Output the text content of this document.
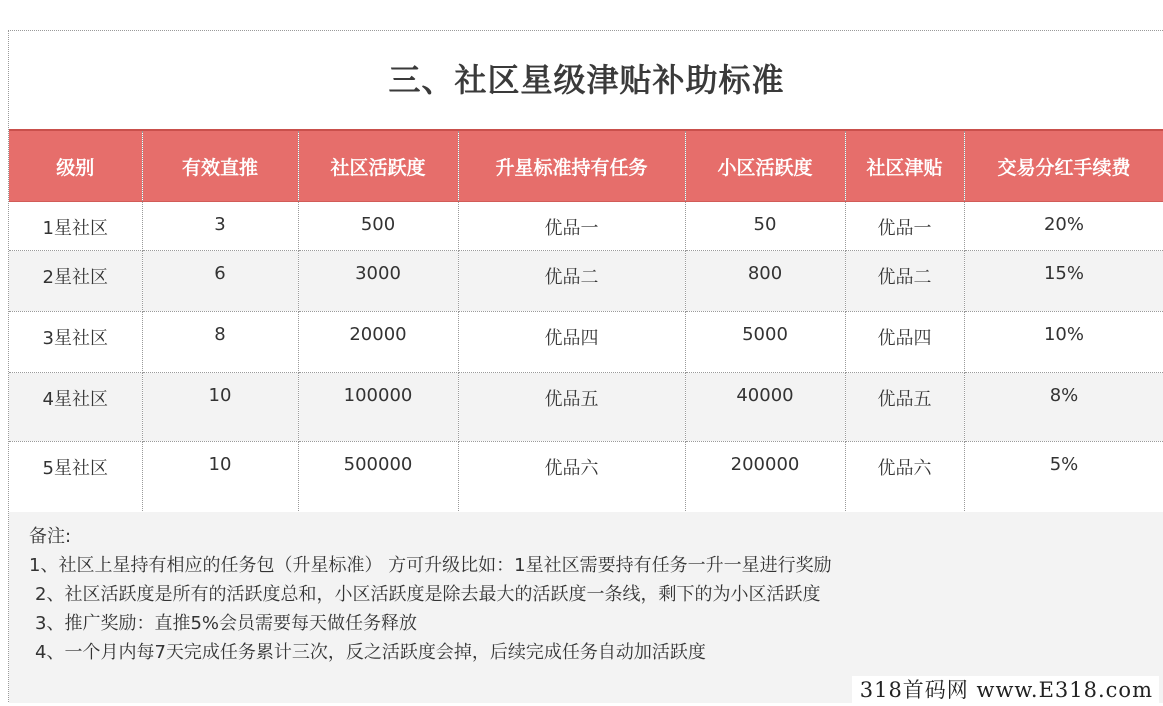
三、社区星级津贴补助标准
级别	有效直推	社区活跃度	升星标准持有任务	小区活跃度	社区津贴	交易分红手续费
1星社区	3	500	优品一	50	优品一	20%
2星社区	6	3000	优品二	800	优品二	15%
3星社区	8	20000	优品四	5000	优品四	10%
4星社区	10	100000	优品五	40000	优品五	8%
5星社区	10	500000	优品六	200000	优品六	5%
备注:
1、社区上星持有相应的任务包（升星标准） 方可升级比如：1星社区需要持有任务一升一星进行奖励
2、社区活跃度是所有的活跃度总和，小区活跃度是除去最大的活跃度一条线，剩下的为小区活跃度
3、推广奖励：直推5%会员需要每天做任务释放
4、一个月内每7天完成任务累计三次，反之活跃度会掉，后续完成任务自动加活跃度
318首码网 www.E318.com
